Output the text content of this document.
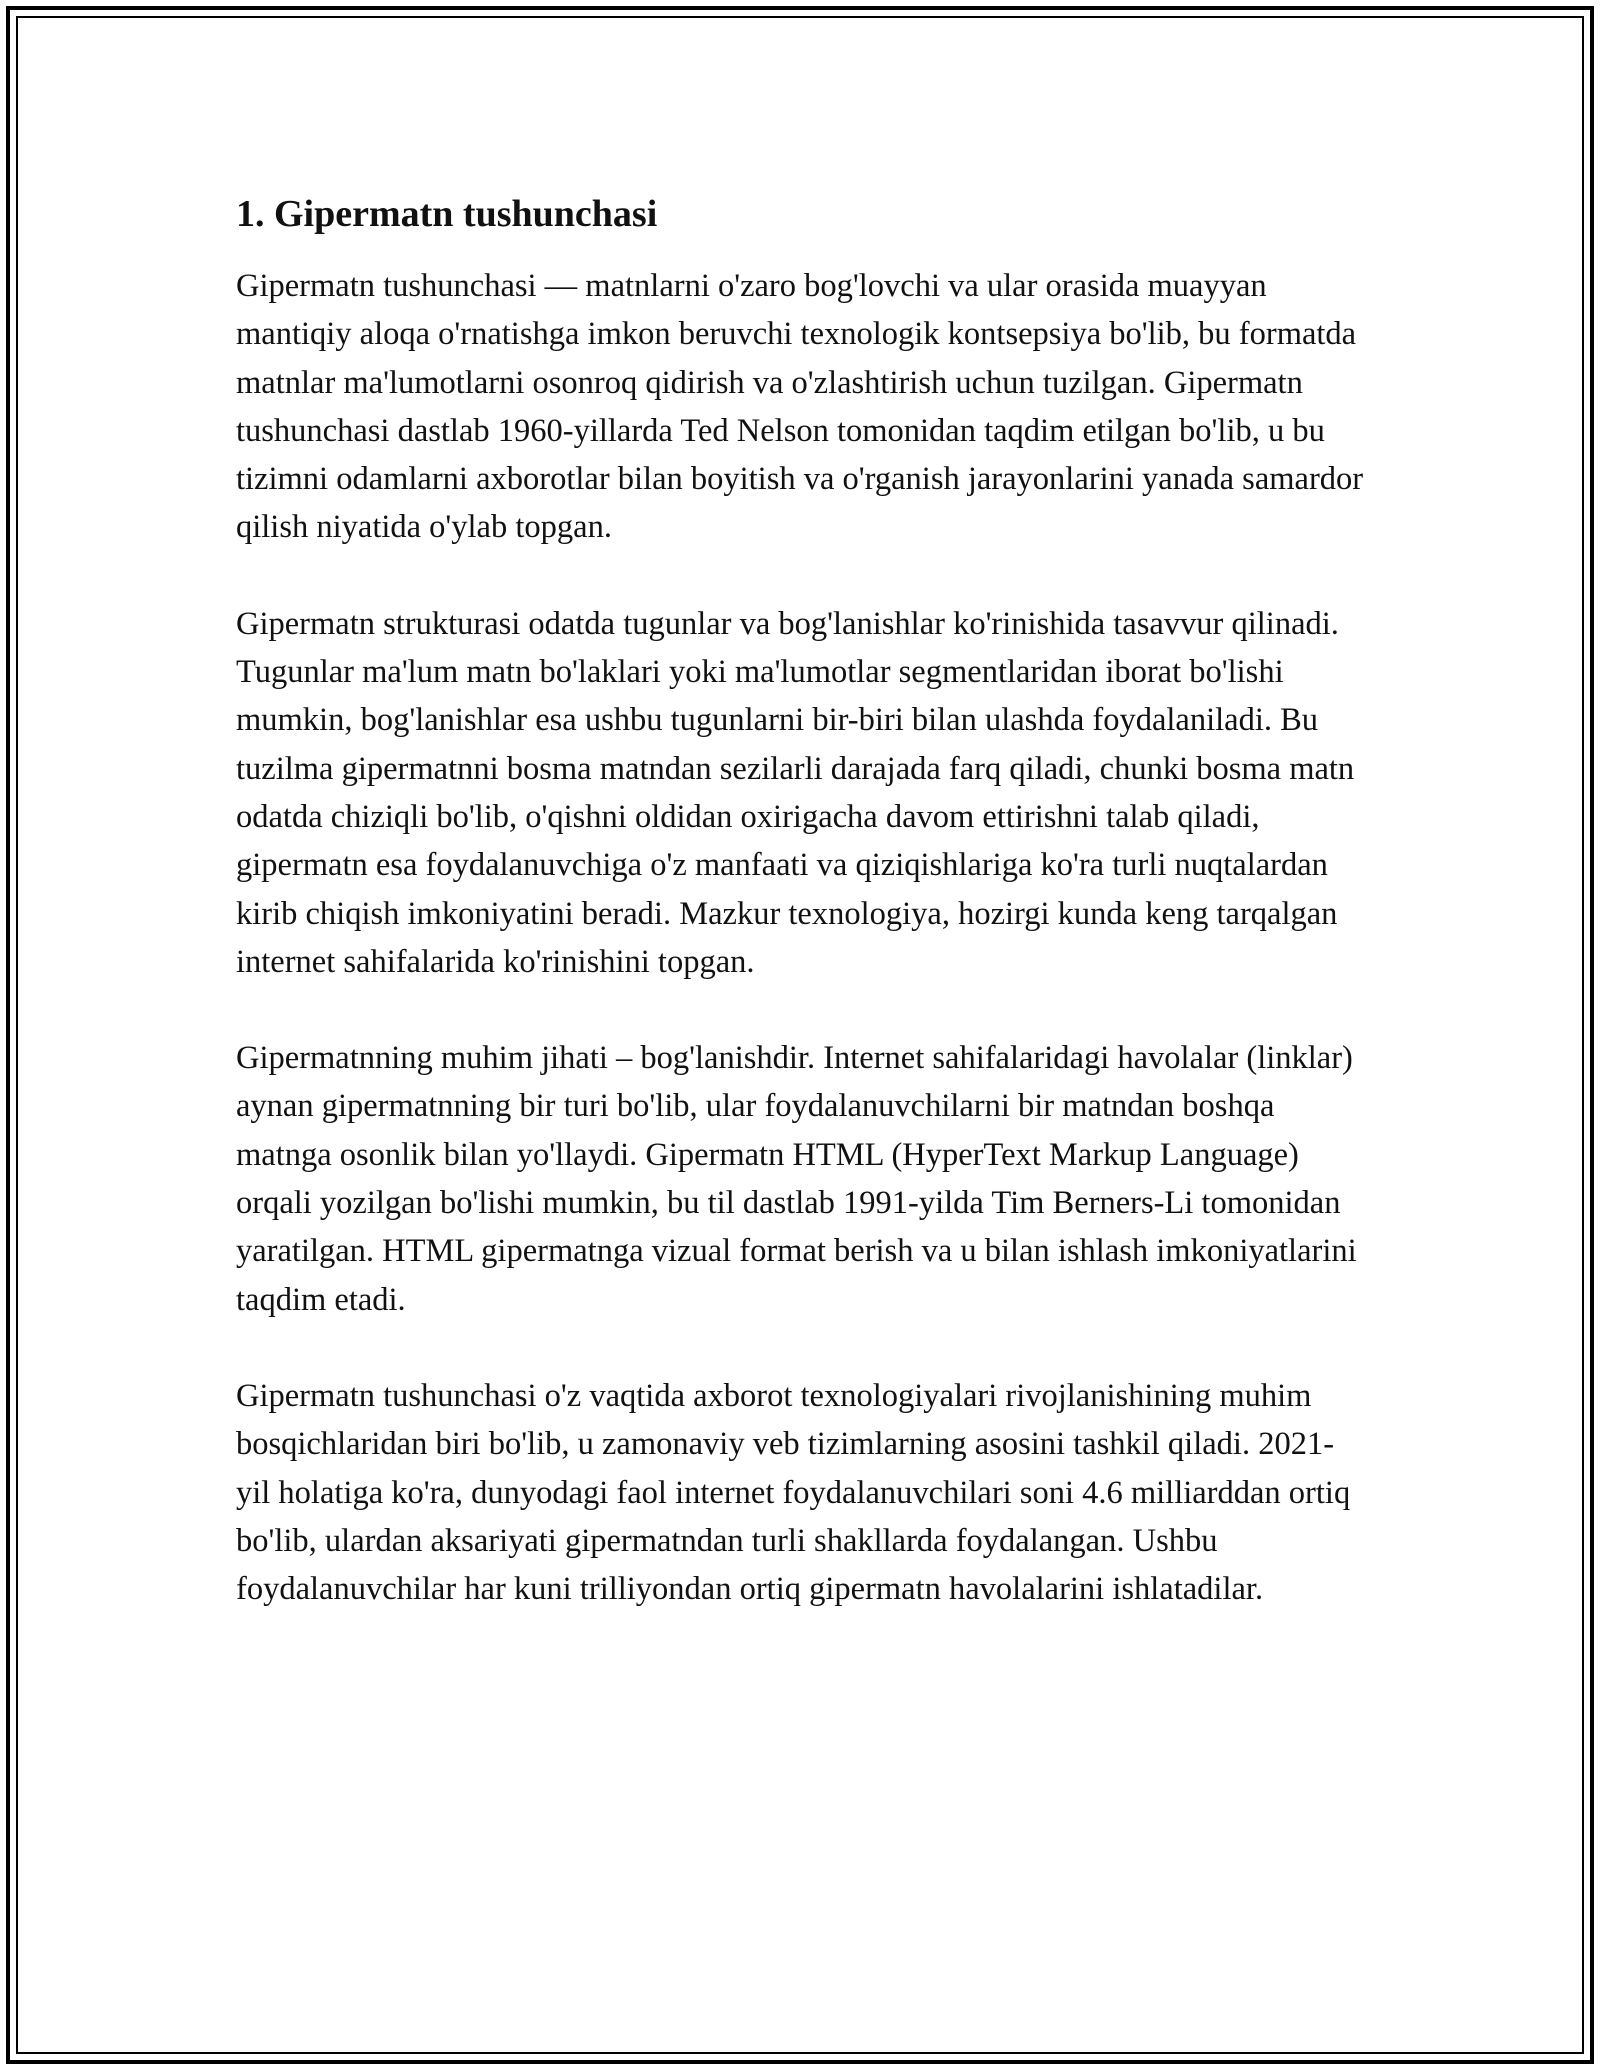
1. Gipermatn tushunchasi

Gipermatn tushunchasi — matnlarni o'zaro bog'lovchi va ular orasida muayyan mantiqiy aloqa o'rnatishga imkon beruvchi texnologik kontsepsiya bo'lib, bu formatda matnlar ma'lumotlarni osonroq qidirish va o'zlashtirish uchun tuzilgan. Gipermatn tushunchasi dastlab 1960-yillarda Ted Nelson tomonidan taqdim etilgan bo'lib, u bu tizimni odamlarni axborotlar bilan boyitish va o'rganish jarayonlarini yanada samardor qilish niyatida o'ylab topgan.

Gipermatn strukturasi odatda tugunlar va bog'lanishlar ko'rinishida tasavvur qilinadi. Tugunlar ma'lum matn bo'laklari yoki ma'lumotlar segmentlaridan iborat bo'lishi mumkin, bog'lanishlar esa ushbu tugunlarni bir-biri bilan ulashda foydalaniladi. Bu tuzilma gipermatnni bosma matndan sezilarli darajada farq qiladi, chunki bosma matn odatda chiziqli bo'lib, o'qishni oldidan oxirigacha davom ettirishni talab qiladi, gipermatn esa foydalanuvchiga o'z manfaati va qiziqishlariga ko'ra turli nuqtalardan kirib chiqish imkoniyatini beradi. Mazkur texnologiya, hozirgi kunda keng tarqalgan internet sahifalarida ko'rinishini topgan.

Gipermatnning muhim jihati – bog'lanishdir. Internet sahifalaridagi havolalar (linklar) aynan gipermatnning bir turi bo'lib, ular foydalanuvchilarni bir matndan boshqa matnga osonlik bilan yo'llaydi. Gipermatn HTML (HyperText Markup Language) orqali yozilgan bo'lishi mumkin, bu til dastlab 1991-yilda Tim Berners-Li tomonidan yaratilgan. HTML gipermatnga vizual format berish va u bilan ishlash imkoniyatlarini taqdim etadi.

Gipermatn tushunchasi o'z vaqtida axborot texnologiyalari rivojlanishining muhim bosqichlaridan biri bo'lib, u zamonaviy veb tizimlarning asosini tashkil qiladi. 2021-yil holatiga ko'ra, dunyodagi faol internet foydalanuvchilari soni 4.6 milliarddan ortiq bo'lib, ulardan aksariyati gipermatndan turli shakllarda foydalangan. Ushbu foydalanuvchilar har kuni trilliyondan ortiq gipermatn havolalarini ishlatadilar.
